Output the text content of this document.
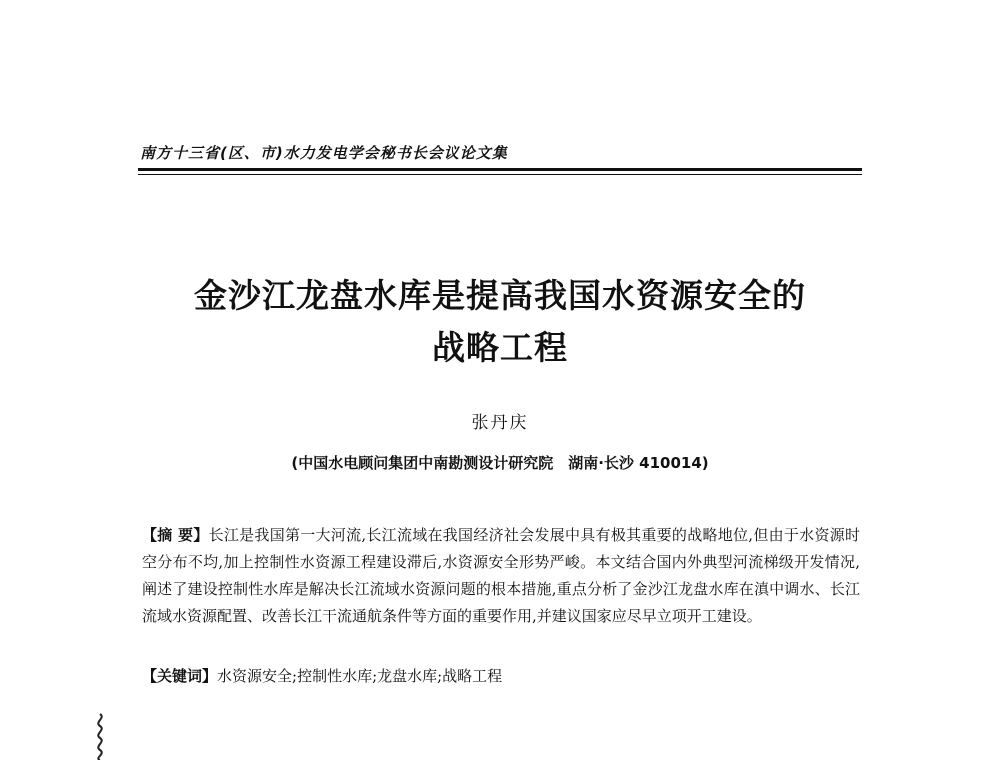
南方十三省(区、市)水力发电学会秘书长会议论文集
金沙江龙盘水库是提高我国水资源安全的
战略工程
张丹庆
(中国水电顾问集团中南勘测设计研究院　湖南·长沙 410014)
【摘 要】长江是我国第一大河流,长江流域在我国经济社会发展中具有极其重要的战略地位,但由于水资源时空分布不均,加上控制性水资源工程建设滞后,水资源安全形势严峻。本文结合国内外典型河流梯级开发情况,阐述了建设控制性水库是解决长江流域水资源问题的根本措施,重点分析了金沙江龙盘水库在滇中调水、长江流域水资源配置、改善长江干流通航条件等方面的重要作用,并建议国家应尽早立项开工建设。
【关键词】水资源安全;控制性水库;龙盘水库;战略工程
